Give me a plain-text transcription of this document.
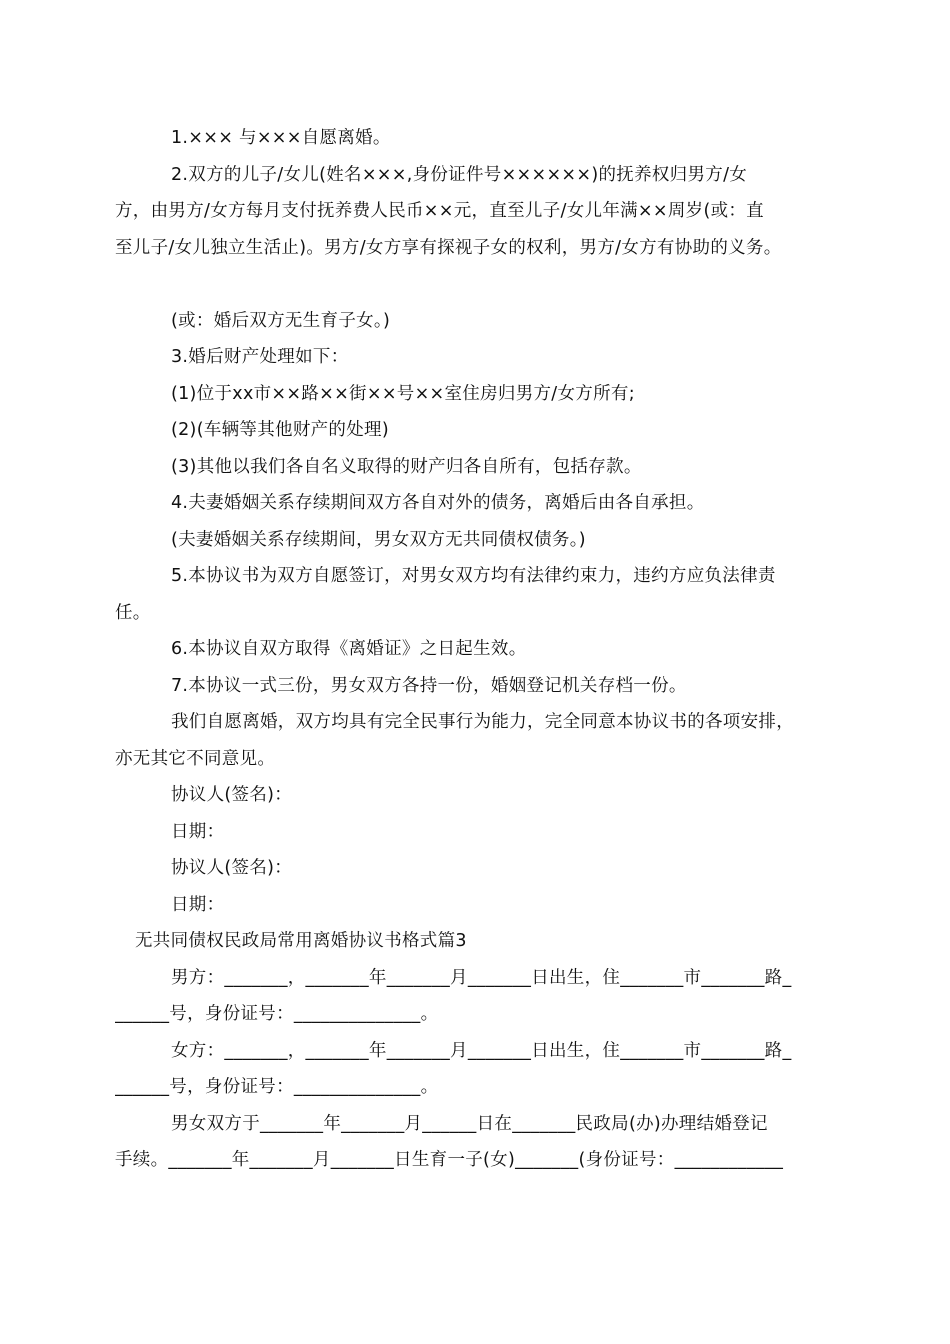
1.××× 与×××自愿离婚。
2.双方的儿子/女儿(姓名×××,身份证件号××××××)的抚养权归男方/女
方，由男方/女方每月支付抚养费人民币××元，直至儿子/女儿年满××周岁(或：直
至儿子/女儿独立生活止)。男方/女方享有探视子女的权利，男方/女方有协助的义务。
(或：婚后双方无生育子女。)
3.婚后财产处理如下：
(1)位于xx市××路××街××号××室住房归男方/女方所有;
(2)(车辆等其他财产的处理)
(3)其他以我们各自名义取得的财产归各自所有，包括存款。
4.夫妻婚姻关系存续期间双方各自对外的债务，离婚后由各自承担。
(夫妻婚姻关系存续期间，男女双方无共同债权债务。)
5.本协议书为双方自愿签订，对男女双方均有法律约束力，违约方应负法律责
任。
6.本协议自双方取得《离婚证》之日起生效。
7.本协议一式三份，男女双方各持一份，婚姻登记机关存档一份。
我们自愿离婚，双方均具有完全民事行为能力，完全同意本协议书的各项安排，
亦无其它不同意见。
协议人(签名)：
日期：
协议人(签名)：
日期：
无共同债权民政局常用离婚协议书格式篇3
男方：_______，_______年_______月_______日出生，住_______市_______路_
______号，身份证号：______________。
女方：_______，_______年_______月_______日出生，住_______市_______路_
______号，身份证号：______________。
男女双方于_______年_______月______日在_______民政局(办)办理结婚登记
手续。_______年_______月_______日生育一子(女)_______(身份证号：____________
